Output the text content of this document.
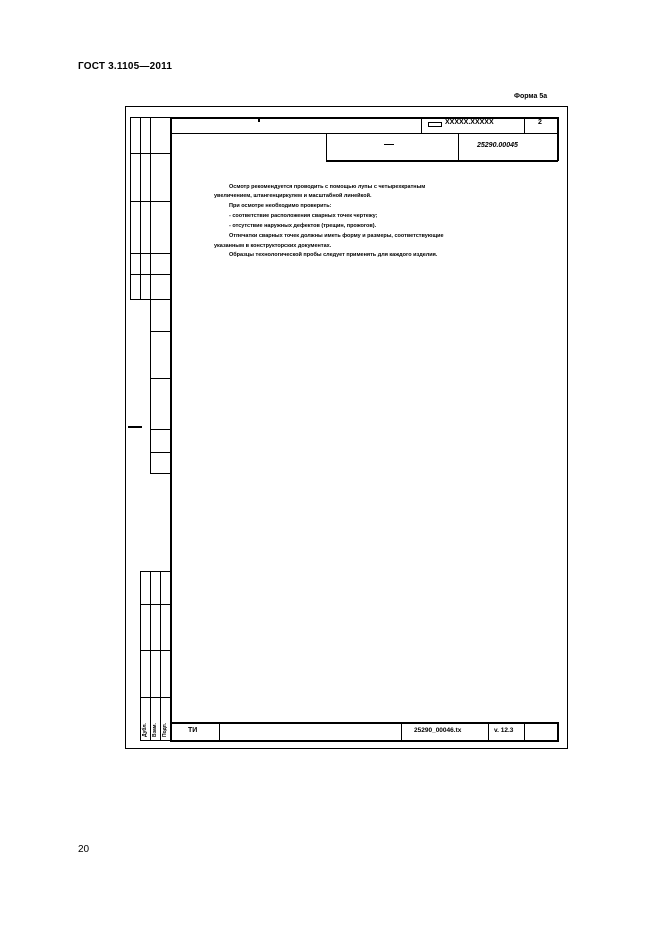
ГОСТ 3.1105—2011
Форма 5а
Дубл. Взам. Подп.
XXXXX.XXXXX	2
—	25290.00045
Осмотр рекомендуется проводить с помощью лупы с четырехкратным
увеличением, штангенциркулем и масштабной линейкой.
При осмотре необходимо проверить:
- соответствие расположения сварных точек чертежу;
- отсутствие наружных дефектов (трещин, прожогов).
Отпечатки сварных точек должны иметь форму и размеры, соответствующие
указанным в конструкторских документах.
Образцы технологической пробы следует применять для каждого изделия.
ТИ	25290_00046.tx	v. 12.3
20
